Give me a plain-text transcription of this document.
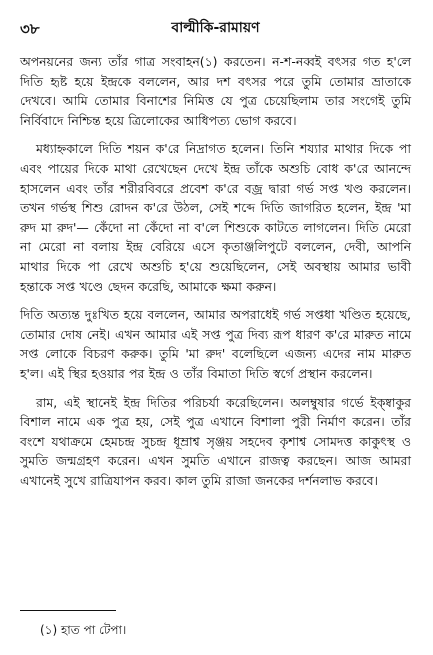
৩৮	বাল্মীকি-রামায়ণ

অপনয়নের জন্য তাঁর গাত্র সংবাহন(১) করতেন। ন-শ-নব্বই বৎসর গত হ'লে দিতি হৃষ্ট হয়ে ইন্দ্রকে বললেন, আর দশ বৎসর পরে তুমি তোমার ভ্রাতাকে দেখবে। আমি তোমার বিনাশের নিমিত্ত যে পুত্র চেয়েছিলাম তার সংগেই তুমি নির্বিবাদে নিশ্চিন্ত হয়ে ত্রিলোকের আধিপত্য ভোগ করবে।

মধ্যাহ্নকালে দিতি শয়ন ক'রে নিদ্রাগত হলেন। তিনি শয্যার মাথার দিকে পা এবং পায়ের দিকে মাথা রেখেছেন দেখে ইন্দ্র তাঁকে অশুচি বোধ ক'রে আনন্দে হাসলেন এবং তাঁর শরীরবিবরে প্রবেশ ক'রে বজ্র দ্বারা গর্ভ সপ্ত খণ্ড করলেন। তখন গর্ভস্থ শিশু রোদন ক'রে উঠল, সেই শব্দে দিতি জাগরিত হলেন, ইন্দ্র 'মা রুদ মা রুদ'— কেঁদো না কেঁদো না ব'লে শিশুকে কাটতে লাগলেন। দিতি মেরো না মেরো না বলায় ইন্দ্র বেরিয়ে এসে কৃতাঞ্জলিপুটে বললেন, দেবী, আপনি মাথার দিকে পা রেখে অশুচি হ'য়ে শুয়েছিলেন, সেই অবস্থায় আমার ভাবী হন্তাকে সপ্ত খণ্ডে ছেদন করেছি, আমাকে ক্ষমা করুন।

দিতি অত্যন্ত দুঃখিত হয়ে বললেন, আমার অপরাধেই গর্ভ সপ্তধা খণ্ডিত হয়েছে, তোমার দোষ নেই। এখন আমার এই সপ্ত পুত্র দিব্য রূপ ধারণ ক'রে মারুত নামে সপ্ত লোকে বিচরণ করুক। তুমি 'মা রুদ' বলেছিলে এজন্য এদের নাম মারুত হ'ল। এই স্থির হওয়ার পর ইন্দ্র ও তাঁর বিমাতা দিতি স্বর্গে প্রস্থান করলেন।

রাম, এই স্থানেই ইন্দ্র দিতির পরিচর্যা করেছিলেন। অলম্বুষার গর্ভে ইক্ষ্বাকুর বিশাল নামে এক পুত্র হয়, সেই পুত্র এখানে বিশালা পুরী নির্মাণ করেন। তাঁর বংশে যথাক্রমে হেমচন্দ্র সুচন্দ্র ধূম্রাশ্ব সৃঞ্জয় সহদেব কৃশাশ্ব সোমদত্ত কাকুৎস্থ ও সুমতি জন্মগ্রহণ করেন। এখন সুমতি এখানে রাজত্ব করছেন। আজ আমরা এখানেই সুখে রাত্রিযাপন করব। কাল তুমি রাজা জনকের দর্শনলাভ করবে।

(১) হাত পা টেপা।
